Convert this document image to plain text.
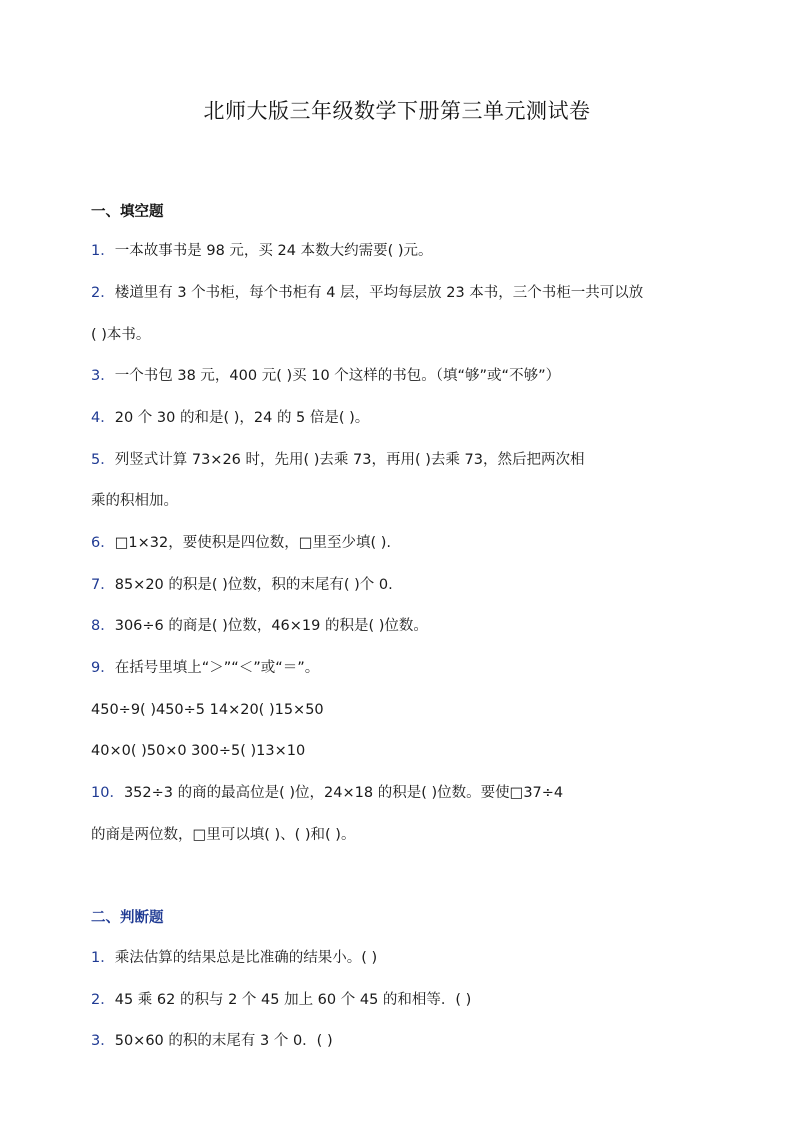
北师大版三年级数学下册第三单元测试卷
一、填空题
1．一本故事书是 98 元，买 24 本数大约需要( )元。
2．楼道里有 3 个书柜，每个书柜有 4 层，平均每层放 23 本书，三个书柜一共可以放
( )本书。
3．一个书包 38 元，400 元( )买 10 个这样的书包。（填“够”或“不够”）
4．20 个 30 的和是( )，24 的 5 倍是( )。
5．列竖式计算 73×26 时，先用( )去乘 73，再用( )去乘 73，然后把两次相
乘的积相加。
6．□1×32，要使积是四位数，□里至少填( ).
7．85×20 的积是( )位数，积的末尾有( )个 0.
8．306÷6 的商是( )位数，46×19 的积是( )位数。
9．在括号里填上“＞”“＜”或“＝”。
450÷9( )450÷5 14×20( )15×50
40×0( )50×0 300÷5( )13×10
10．352÷3 的商的最高位是( )位，24×18 的积是( )位数。要使□37÷4
的商是两位数，□里可以填( )、( )和( )。
二、判断题
1．乘法估算的结果总是比准确的结果小。( )
2．45 乘 62 的积与 2 个 45 加上 60 个 45 的和相等．( )
3．50×60 的积的末尾有 3 个 0．( )
